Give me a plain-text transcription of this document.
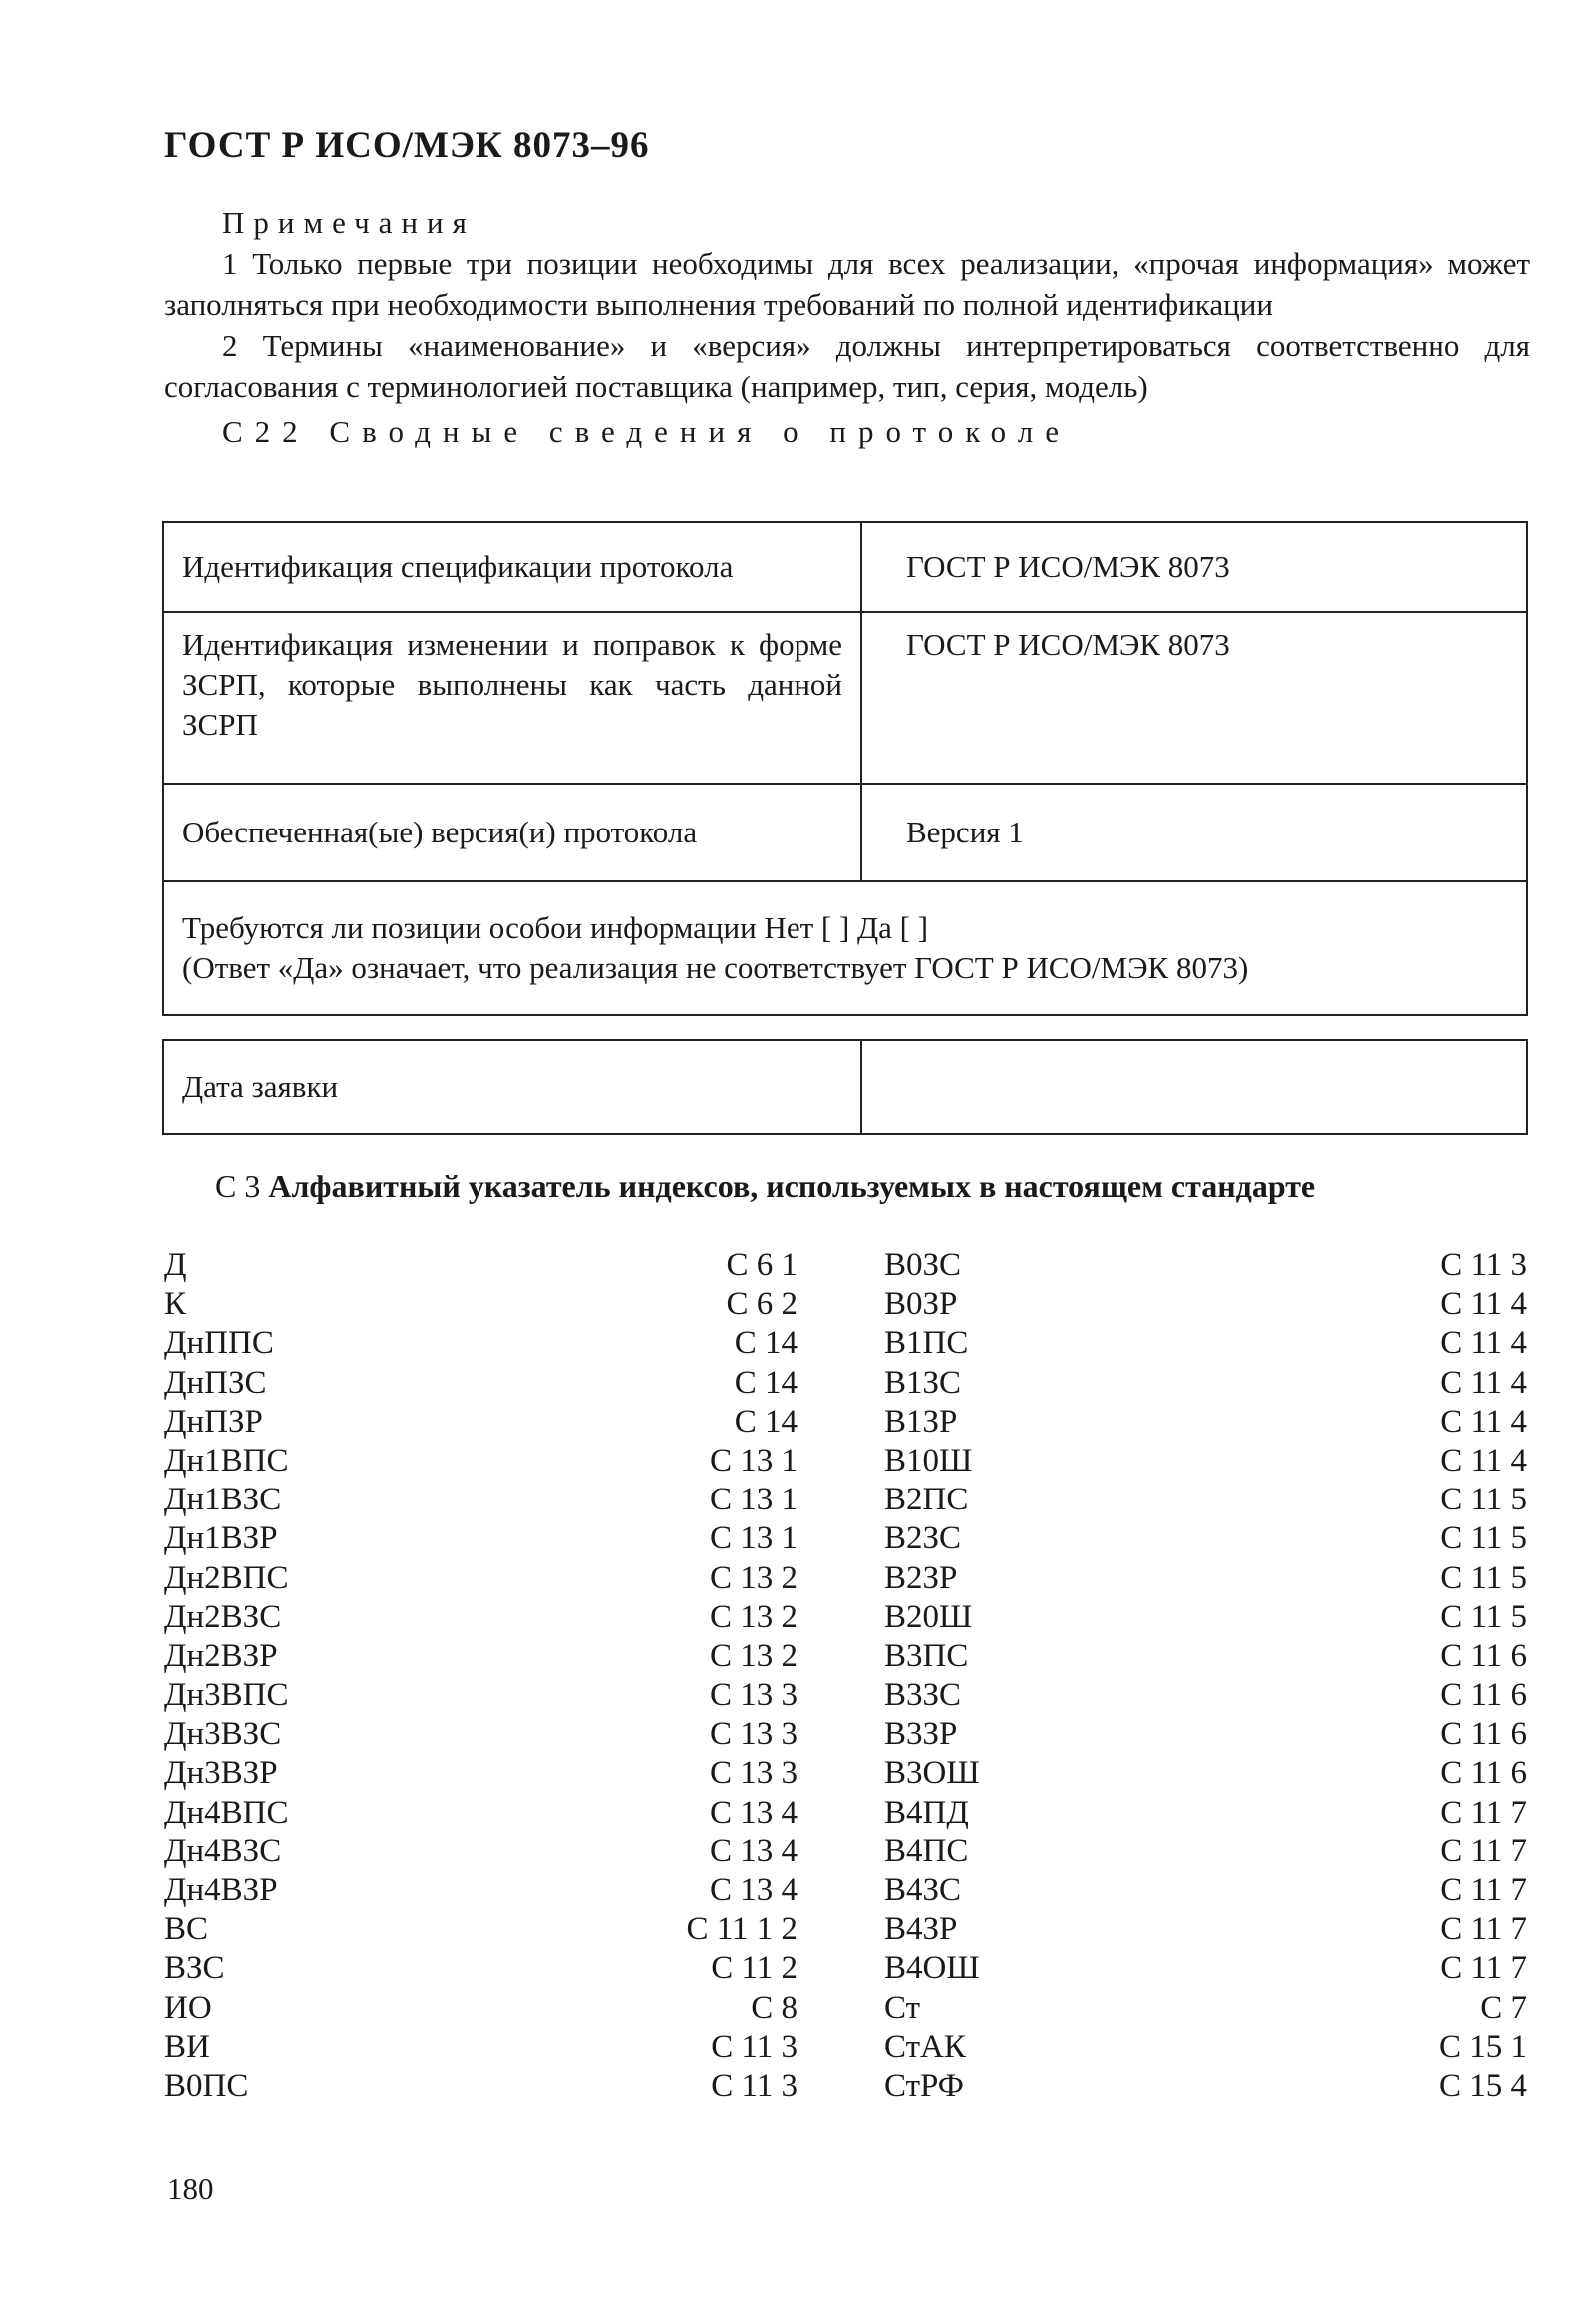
ГОСТ Р ИСО/МЭК 8073–96
Примечания
1 Только первые три позиции необходимы для всех реализации, «прочая информация» может заполняться при необходимости выполнения требований по полной идентификации
2 Термины «наименование» и «версия» должны интерпретироваться соответственно для согласования с терминологией поставщика (например, тип, серия, модель)
С22 Сводные сведения о протоколе
Идентификация спецификации протокола	ГОСТ Р ИСО/МЭК 8073
Идентификация изменении и поправок к форме ЗСРП, которые выполнены как часть данной ЗСРП	ГОСТ Р ИСО/МЭК 8073
Обеспеченная(ые) версия(и) протокола	Версия 1

Требуются ли позиции особои информации Нет [ ] Да [ ]
(Ответ «Да» означает, что реализация не соответствует ГОСТ Р ИСО/МЭК 8073)	
Дата заявки	
С 3 Алфавитный указатель индексов, используемых в настоящем стандарте
Д	С 6 1
К	С 6 2
ДнППС	С 14
ДнПЗС	С 14
ДнПЗР	С 14
Дн1ВПС	С 13 1
Дн1ВЗС	С 13 1
Дн1ВЗР	С 13 1
Дн2ВПС	С 13 2
Дн2ВЗС	С 13 2
Дн2ВЗР	С 13 2
Дн3ВПС	С 13 3
Дн3ВЗС	С 13 3
Дн3ВЗР	С 13 3
Дн4ВПС	С 13 4
Дн4ВЗС	С 13 4
Дн4ВЗР	С 13 4
ВС	С 11 1 2
ВЗС	С 11 2
ИО	С 8
ВИ	С 11 3
В0ПС	С 11 3
В0ЗС	С 11 3
В0ЗР	С 11 4
В1ПС	С 11 4
В1ЗС	С 11 4
В1ЗР	С 11 4
В10Ш	С 11 4
В2ПС	С 11 5
В2ЗС	С 11 5
В2ЗР	С 11 5
В20Ш	С 11 5
В3ПС	С 11 6
В3ЗС	С 11 6
В3ЗР	С 11 6
В3ОШ	С 11 6
В4ПД	С 11 7
В4ПС	С 11 7
В4ЗС	С 11 7
В4ЗР	С 11 7
В4ОШ	С 11 7
Ст	С 7
СтАК	С 15 1
СтРФ	С 15 4
180
